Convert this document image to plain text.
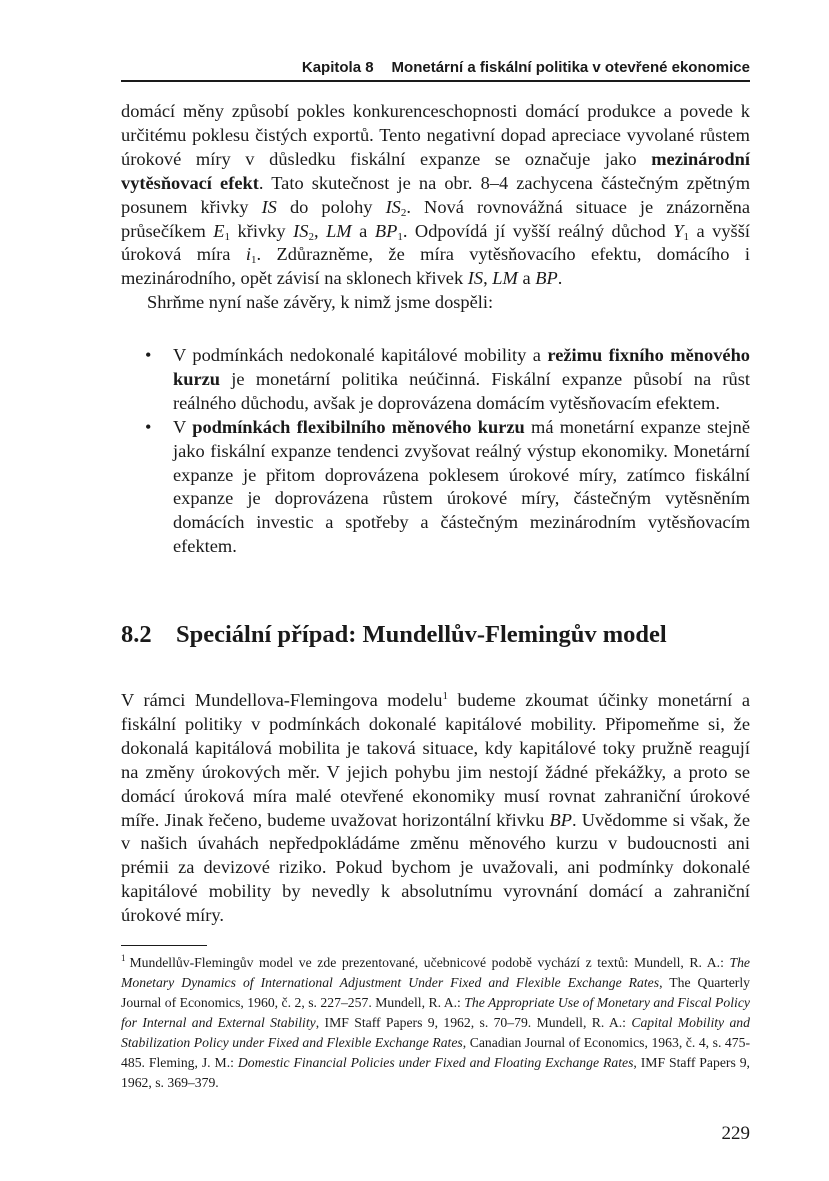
Kapitola 8 Monetární a fiskální politika v otevřené ekonomice

domácí měny způsobí pokles konkurenceschopnosti domácí produkce a povede k určitému poklesu čistých exportů. Tento negativní dopad apreciace vyvolané růstem úrokové míry v důsledku fiskální expanze se označuje jako mezinárodní vytěsňovací efekt. Tato skutečnost je na obr. 8–4 zachycena částečným zpětným posunem křivky IS do polohy $IS_2$. Nová rovnovážná situace je znázorněna průsečíkem $E_1$ křivky $IS_2$, LM a $BP_1$. Odpovídá jí vyšší reálný důchod $Y_1$ a vyšší úroková míra $i_1$. Zdůrazněme, že míra vytěsňovacího efektu, domácího i mezinárodního, opět závisí na sklonech křivek IS, LM a BP.

Shrňme nyní naše závěry, k nimž jsme dospěli:

• V podmínkách nedokonalé kapitálové mobility a režimu fixního měnového kurzu je monetární politika neúčinná. Fiskální expanze působí na růst reálného důchodu, avšak je doprovázena domácím vytěsňovacím efektem.
• V podmínkách flexibilního měnového kurzu má monetární expanze stejně jako fiskální expanze tendenci zvyšovat reálný výstup ekonomiky. Monetární expanze je přitom doprovázena poklesem úrokové míry, zatímco fiskální expanze je doprovázena růstem úrokové míry, částečným vytěsněním domácích investic a spotřeby a částečným mezinárodním vytěsňovacím efektem.
8.2 Speciální případ: Mundellův-Flemingův model

V rámci Mundellova-Flemingova modelu$^1$ budeme zkoumat účinky monetární a fiskální politiky v podmínkách dokonalé kapitálové mobility. Připomeňme si, že dokonalá kapitálová mobilita je taková situace, kdy kapitálové toky pružně reagují na změny úrokových měr. V jejich pohybu jim nestojí žádné překážky, a proto se domácí úroková míra malé otevřené ekonomiky musí rovnat zahraniční úrokové míře. Jinak řečeno, budeme uvažovat horizontální křivku BP. Uvědomme si však, že v našich úvahách nepředpokládáme změnu měnového kurzu v budoucnosti ani prémii za devizové riziko. Pokud bychom je uvažovali, ani podmínky dokonalé kapitálové mobility by nevedly k absolutnímu vyrovnání domácí a zahraniční úrokové míry.

$^1$ Mundellův-Flemingův model ve zde prezentované, učebnicové podobě vychází z textů: Mundell, R. A.: The Monetary Dynamics of International Adjustment Under Fixed and Flexible Exchange Rates, The Quarterly Journal of Economics, 1960, č. 2, s. 227–257. Mundell, R. A.: The Appropriate Use of Monetary and Fiscal Policy for Internal and External Stability, IMF Staff Papers 9, 1962, s. 70–79. Mundell, R. A.: Capital Mobility and Stabilization Policy under Fixed and Flexible Exchange Rates, Canadian Journal of Economics, 1963, č. 4, s. 475-485. Fleming, J. M.: Domestic Financial Policies under Fixed and Floating Exchange Rates, IMF Staff Papers 9, 1962, s. 369–379.
229
